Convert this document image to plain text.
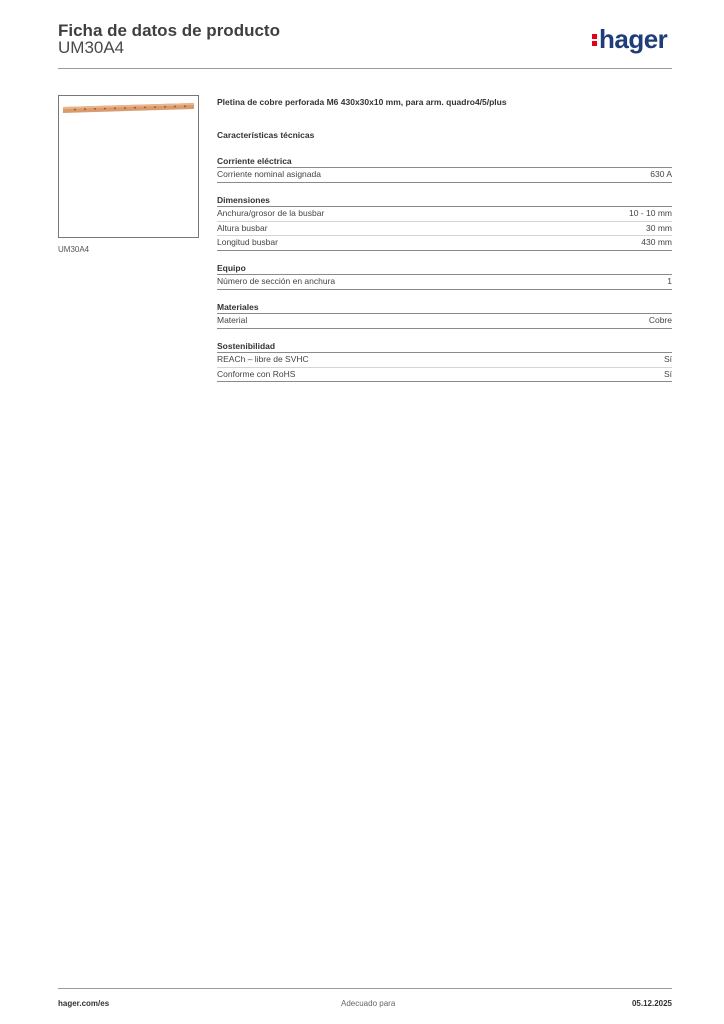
Ficha de datos de producto
UM30A4	hager
UM30A4
Pletina de cobre perforada M6 430x30x10 mm, para arm. quadro4/5/plus
Características técnicas
Corriente eléctrica
Corriente nominal asignada	630 A
Dimensiones
Anchura/grosor de la busbar	10 - 10 mm
Altura busbar	30 mm
Longitud busbar	430 mm
Equipo
Número de sección en anchura	1
Materiales
Material	Cobre
Sostenibilidad
REACh – libre de SVHC	Sí
Conforme con RoHS	Sí
hager.com/es	Adecuado para	05.12.2025
